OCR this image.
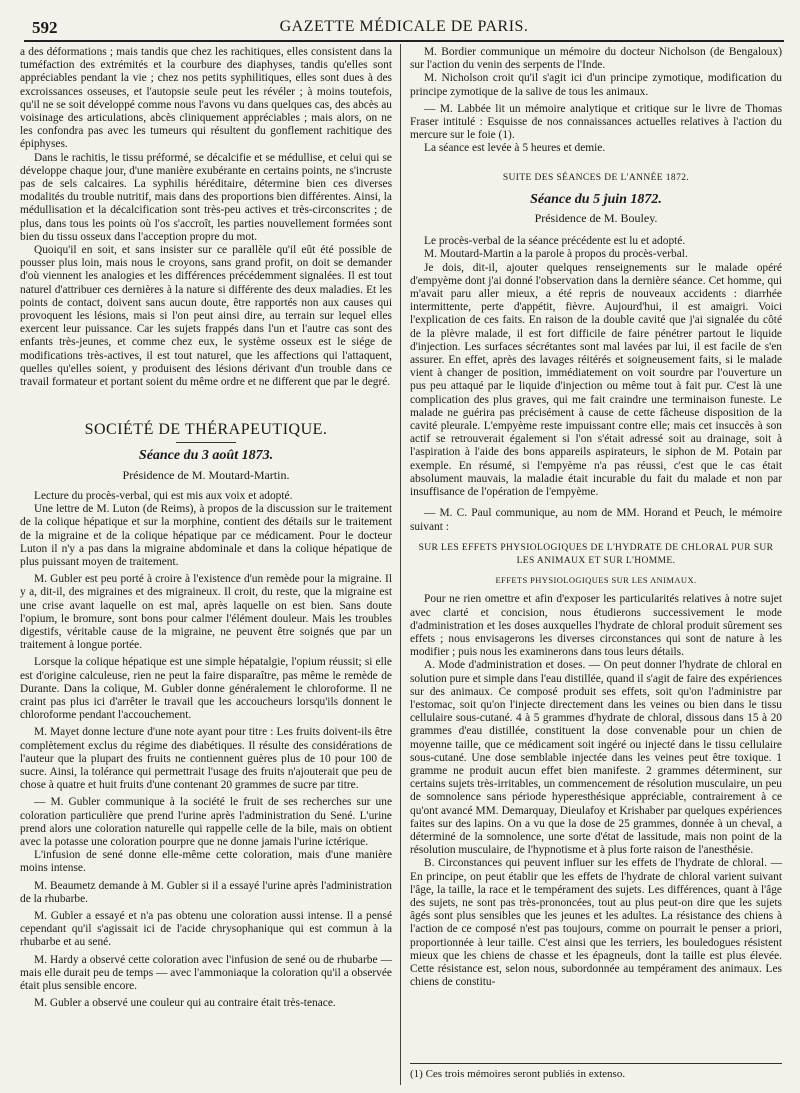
592	GAZETTE MÉDICALE DE PARIS.

a des déformations ; mais tandis que chez les rachitiques, elles consistent dans la tuméfaction des extrémités et la courbure des diaphyses, tandis qu'elles sont appréciables pendant la vie ; chez nos petits syphilitiques, elles sont dues à des excroissances osseuses, et l'autopsie seule peut les révéler ; à moins toutefois, qu'il ne se soit développé comme nous l'avons vu dans quelques cas, des abcès au voisinage des articulations, abcès cliniquement appréciables ; mais alors, on ne les confondra pas avec les tumeurs qui résultent du gonflement rachitique des épiphyses.

Dans le rachitis, le tissu préformé, se décalcifie et se médullise, et celui qui se développe chaque jour, d'une manière exubérante en certains points, ne s'incruste pas de sels calcaires. La syphilis héréditaire, détermine bien ces diverses modalités du trouble nutritif, mais dans des proportions bien différentes. Ainsi, la médullisation et la décalcification sont très-peu actives et très-circonscrites ; de plus, dans tous les points où l'os s'accroît, les parties nouvellement formées sont bien du tissu osseux dans l'acception propre du mot.

Quoiqu'il en soit, et sans insister sur ce parallèle qu'il eût été possible de pousser plus loin, mais nous le croyons, sans grand profit, on doit se demander d'où viennent les analogies et les différences précédemment signalées. Il est tout naturel d'attribuer ces dernières à la nature si différente des deux maladies. Et les points de contact, doivent sans aucun doute, être rapportés non aux causes qui provoquent les lésions, mais si l'on peut ainsi dire, au terrain sur lequel elles exercent leur puissance. Car les sujets frappés dans l'un et l'autre cas sont des enfants très-jeunes, et comme chez eux, le système osseux est le siége de modifications très-actives, il est tout naturel, que les affections qui l'attaquent, quelles qu'elles soient, y produisent des lésions dérivant d'un trouble dans ce travail formateur et portant soient du même ordre et ne different que par le degré.

SOCIÉTÉ DE THÉRAPEUTIQUE.

Séance du 3 août 1873.

Présidence de M. Moutard-Martin.

Lecture du procès-verbal, qui est mis aux voix et adopté.

Une lettre de M. Luton (de Reims), à propos de la discussion sur le traitement de la colique hépatique et sur la morphine, contient des détails sur le traitement de la migraine et de la colique hépatique par ce médicament. Pour le docteur Luton il n'y a pas dans la migraine abdominale et dans la colique hépatique de plus puissant moyen de traitement.

M. Gubler est peu porté à croire à l'existence d'un remède pour la migraine. Il y a, dit-il, des migraines et des migraineux. Il croit, du reste, que la migraine est une crise avant laquelle on est mal, après laquelle on est bien. Sans doute l'opium, le bromure, sont bons pour calmer l'élément douleur. Mais les troubles digestifs, véritable cause de la migraine, ne peuvent être soignés que par un traitement à longue portée.

Lorsque la colique hépatique est une simple hépatalgie, l'opium réussit; si elle est d'origine calculeuse, rien ne peut la faire disparaître, pas même le remède de Durante. Dans la colique, M. Gubler donne généralement le chloroforme. Il ne craint pas plus ici d'arrêter le travail que les accoucheurs lorsqu'ils donnent le chloroforme pendant l'accouchement.

M. Mayet donne lecture d'une note ayant pour titre : Les fruits doivent-ils être complètement exclus du régime des diabétiques. Il résulte des considérations de l'auteur que la plupart des fruits ne contiennent guères plus de 10 pour 100 de sucre. Ainsi, la tolérance qui permettrait l'usage des fruits n'ajouterait que peu de chose à quatre et huit fruits d'une contenant 20 grammes de sucre par titre.

— M. Gubler communique à la société le fruit de ses recherches sur une coloration particulière que prend l'urine après l'administration du Sené. L'urine prend alors une coloration naturelle qui rappelle celle de la bile, mais on obtient avec la potasse une coloration pourpre que ne donne jamais l'urine ictérique.

L'infusion de sené donne elle-même cette coloration, mais d'une manière moins intense.

M. Beaumetz demande à M. Gubler si il a essayé l'urine après l'administration de la rhubarbe.

M. Gubler a essayé et n'a pas obtenu une coloration aussi intense. Il a pensé cependant qu'il s'agissait ici de l'acide chrysophanique qui est commun à la rhubarbe et au sené.

M. Hardy a observé cette coloration avec l'infusion de sené ou de rhubarbe — mais elle durait peu de temps — avec l'ammoniaque la coloration qu'il a observée était plus sensible encore.

M. Gubler a observé une couleur qui au contraire était très-tenace.

M. Bordier communique un mémoire du docteur Nicholson (de Bengaloux) sur l'action du venin des serpents de l'Inde.

M. Nicholson croit qu'il s'agit ici d'un principe zymotique, modification du principe zymotique de la salive de tous les animaux.

— M. Labbée lit un mémoire analytique et critique sur le livre de Thomas Fraser intitulé : Esquisse de nos connaissances actuelles relatives à l'action du mercure sur le foie (1).

La séance est levée à 5 heures et demie.

SUITE DES SÉANCES DE L'ANNÉE 1872.

Séance du 5 juin 1872.

Présidence de M. Bouley.

Le procès-verbal de la séance précédente est lu et adopté.

M. Moutard-Martin a la parole à propos du procès-verbal.

Je dois, dit-il, ajouter quelques renseignements sur le malade opéré d'empyème dont j'ai donné l'observation dans la dernière séance. Cet homme, qui m'avait paru aller mieux, a été repris de nouveaux accidents : diarrhée intermittente, perte d'appétit, fièvre. Aujourd'hui, il est amaigri. Voici l'explication de ces faits. En raison de la double cavité que j'ai signalée du côté de la plèvre malade, il est fort difficile de faire pénétrer partout le liquide d'injection. Les surfaces sécrétantes sont mal lavées par lui, il est facile de s'en assurer. En effet, après des lavages réitérés et soigneusement faits, si le malade vient à changer de position, immédiatement on voit sourdre par l'ouverture un pus peu attaqué par le liquide d'injection ou même tout à fait pur. C'est là une complication des plus graves, qui me fait craindre une terminaison funeste. Le malade ne guérira pas précisément à cause de cette fâcheuse disposition de la cavité pleurale. L'empyème reste impuissant contre elle; mais cet insuccès à son actif se retrouverait également si l'on s'était adressé soit au drainage, soit à l'aspiration à l'aide des bons appareils aspirateurs, le siphon de M. Potain par exemple. En résumé, si l'empyème n'a pas réussi, c'est que le cas était absolument mauvais, la maladie était incurable du fait du malade et non par insuffisance de l'opération de l'empyème.

— M. C. Paul communique, au nom de MM. Horand et Peuch, le mémoire suivant :

SUR LES EFFETS PHYSIOLOGIQUES DE L'HYDRATE DE CHLORAL PUR SUR LES ANIMAUX ET SUR L'HOMME.

EFFETS PHYSIOLOGIQUES SUR LES ANIMAUX.

Pour ne rien omettre et afin d'exposer les particularités relatives à notre sujet avec clarté et concision, nous étudierons successivement le mode d'administration et les doses auxquelles l'hydrate de chloral produit sûrement ses effets ; nous envisagerons les diverses circonstances qui sont de nature à les modifier ; puis nous les examinerons dans tous leurs détails.

A. Mode d'administration et doses. — On peut donner l'hydrate de chloral en solution pure et simple dans l'eau distillée, quand il s'agit de faire des expériences sur des animaux. Ce composé produit ses effets, soit qu'on l'administre par l'estomac, soit qu'on l'injecte directement dans les veines ou bien dans le tissu cellulaire sous-cutané. 4 à 5 grammes d'hydrate de chloral, dissous dans 15 à 20 grammes d'eau distillée, constituent la dose convenable pour un chien de moyenne taille, que ce médicament soit ingéré ou injecté dans le tissu cellulaire sous-cutané. Une dose semblable injectée dans les veines peut être toxique. 1 gramme ne produit aucun effet bien manifeste. 2 grammes déterminent, sur certains sujets très-irritables, un commencement de résolution musculaire, un peu de somnolence sans période hyperesthésique appréciable, contrairement à ce qu'ont avancé MM. Demarquay, Dieulafoy et Krishaber par quelques expériences faites sur des lapins. On a vu que la dose de 25 grammes, donnée à un cheval, a déterminé de la somnolence, une sorte d'état de lassitude, mais non point de la résolution musculaire, de l'hypnotisme et à plus forte raison de l'anesthésie.

B. Circonstances qui peuvent influer sur les effets de l'hydrate de chloral. — En principe, on peut établir que les effets de l'hydrate de chloral varient suivant l'âge, la taille, la race et le tempérament des sujets. Les différences, quant à l'âge des sujets, ne sont pas très-prononcées, tout au plus peut-on dire que les sujets âgés sont plus sensibles que les jeunes et les adultes. La résistance des chiens à l'action de ce composé n'est pas toujours, comme on pourrait le penser a priori, proportionnée à leur taille. C'est ainsi que les terriers, les bouledogues résistent mieux que les chiens de chasse et les épagneuls, dont la taille est plus élevée. Cette résistance est, selon nous, subordonnée au tempérament des animaux. Les chiens de constitu-

(1) Ces trois mémoires seront publiés in extenso.
